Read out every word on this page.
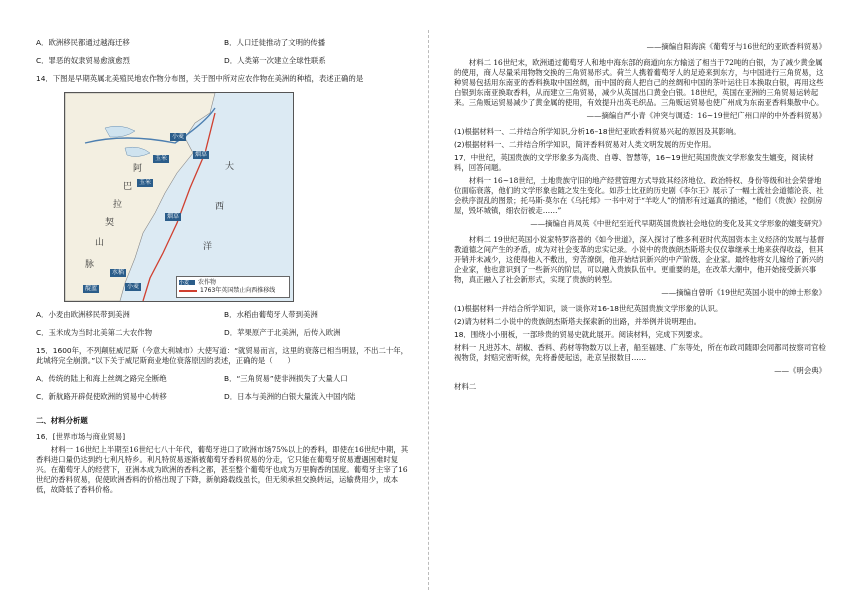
A．欧洲移民都通过越海迁移	B．人口迁徙推动了文明的传播
C．罪恶的奴隶贸易愈演愈烈	D．人类第一次建立全球性联系
14．下图是早期英属北美殖民地农作物分布图，关于图中所对应农作物在美洲的种植，表述正确的是
大
西
洋
阿
巴
拉
契
山
脉
小麦
玉米
玉米
烟草
水稻
小麦
靛蓝
烟草
小麦	农作物
1763年英国禁止向西推移线
A．小麦由欧洲移民带到美洲	B．水稻由葡萄牙人带到美洲
C．玉米成为当时北美第二大农作物	D．苹果原产于北美洲，后传入欧洲
15．1600年，不列颠驻威尼斯（今意大利城市）大使写道：“就贸易而言，这里的衰落已相当明显，不出二十年，此城将完全崩溃。”以下关于威尼斯商业地位衰落原因的表述，正确的是（　　）
A．传统的陆上和海上丝绸之路完全断绝	B．“三角贸易”使非洲损失了大量人口
C．新航路开辟促使欧洲的贸易中心转移	D．日本与美洲的白银大量流入中国内陆
二、材料分析题
16．[世界市场与商业贸易]
材料一 16世纪上半期至16世纪七八十年代，葡萄牙进口了欧洲市场75%以上的香料，即使在16世纪中期，其香料进口量仍达到约七利凡特乡。利凡特贸易逐渐被葡萄牙香料贸易的分走，它只能在葡萄牙贸易遭遇困难时复兴。在葡萄牙人的经营下，亚洲本成为欧洲的香料之都，甚至整个葡萄牙也成为万里胸香的国度。葡萄牙主宰了16世纪的香料贸易，促使欧洲香料的价格出现了下降，新航路载线虽长，但无须承担交换转运，运输费用少，成本低，故降低了香料价格。
——摘编自阳海滨《葡萄牙与16世纪的亚欧香料贸易》
材料二 16世纪末，欧洲通过葡萄牙人和地中海东部的商道向东方输送了相当于72吨的白银，为了减少黄金属的使用，商人尽量采用物物交换的三角贸易形式。荷兰人携着葡萄牙人的足迹来到东方，与中国进行三角贸易，这种贸易包括用东南亚的香料换取中国丝绸，而中国的商人把自己的丝绸和中国的茶叶运往日本换取白银，再用这些白银到东南亚换取香料，从而建立三角贸易，减少从英国出口黄金白银。18世纪，英国在亚洲的三角贸易运转起来。三角贩运贸易减少了黄金属的使用，有效提升出英毛织品。三角贩运贸易也使广州成为东南亚香料集散中心。
——摘编自严小青《冲突与调适：16~19世纪广州口岸的中外香料贸易》
(1)根据材料一、二并结合所学知识,分析16–18世纪亚欧香料贸易兴起的原因及其影响。
(2)根据材料一、二并结合所学知识，简评香料贸易对人类文明发展的历史作用。
17．中世纪，英国贵族的文学形象多为高贵、自尊、智慧等，16~19世纪英国贵族文学形象发生嬗变，阅读材料，回答问题。
材料一 16~18世纪，土地贵族守旧的地产经营管理方式导致其经济地位、政治特权、身份等级和社会荣誉地位面临衰落，他们的文学形象也随之发生变化。如莎士比亚的历史剧《李尔王》展示了一幅土流社会道德沦丧、社会秩序混乱的图景；托马斯·莫尔在《乌托邦》一书中对于“羊吃人”的情形有过逼真的描述，“他们（贵族）拉倒房屋，毁坏城镇，细农衍被走……”
——摘编自肖凤英《中世纪至近代早期英国贵族社会地位的变化及其文学形象的嬗变研究》
材料二 19世纪英国小说家特罗洛普的《如今世道》，深入探讨了维多利亚时代英国资本主义经济的发展与基督教道德之间产生的矛盾，成为对社会变革的忠实记录。小说中的贵族朗杰斯塔夫仅仅靠继承土地来获得收益，但其开销并未减少，这使得他入不敷出，穷苦潦倒，他开始结识新兴的中产阶级、企业家。最终他将女儿嫁给了新兴的企业家，他也意识到了一些新兴的阶层，可以融入贵族队伍中。更重要的是，在改革大潮中，他开始接受新兴事物，真正融入了社会新形式，实现了贵族的转型。
——摘编自曾昕《19世纪英国小说中的绅士形象》
(1)根据材料一并结合所学知识，谈一谈你对16-18世纪英国贵族文学形象的认识。
(2)请为材料二小说中的贵族朗杰斯塔夫探索新的出路，并举例并说明理由。
18．围绕小小朋板，一部珍贵的贸易史就此展开。阅读材料，完成下列要求。
材料一 凡进苏木、胡椒、香料、药材等物数万以上者，船至福建、广东等处，所在布政司随即会同都司按察司官检视物货，封赔完密听候，先将番使起送，赴京呈报数目……
——《明会典》
材料二
